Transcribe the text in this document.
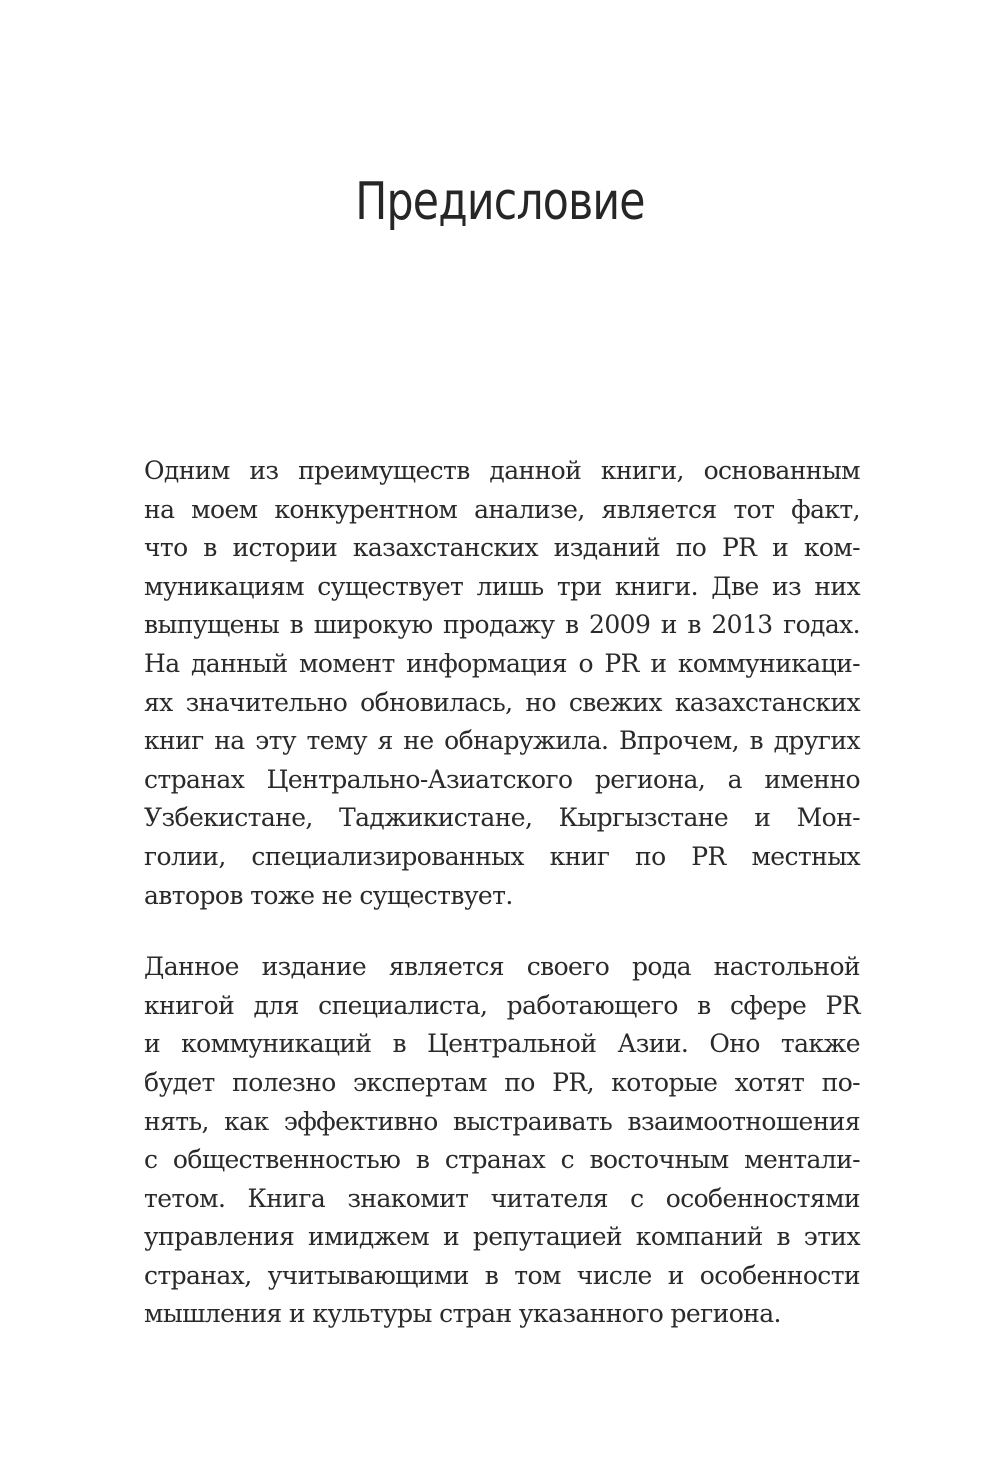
Предисловие

Одним из преимуществ данной книги, основанным
на моем конкурентном анализе, является тот факт,
что в истории казахстанских изданий по PR и ком-
муникациям существует лишь три книги. Две из них
выпущены в широкую продажу в 2009 и в 2013 годах.
На данный момент информация о PR и коммуникаци-
ях значительно обновилась, но свежих казахстанских
книг на эту тему я не обнаружила. Впрочем, в других
странах Центрально-Азиатского региона, а именно
Узбекистане, Таджикистане, Кыргызстане и Мон-
голии, специализированных книг по PR местных
авторов тоже не существует.

Данное издание является своего рода настольной
книгой для специалиста, работающего в сфере PR
и коммуникаций в Центральной Азии. Оно также
будет полезно экспертам по PR, которые хотят по-
нять, как эффективно выстраивать взаимоотношения
с общественностью в странах с восточным ментали-
тетом. Книга знакомит читателя с особенностями
управления имиджем и репутацией компаний в этих
странах, учитывающими в том числе и особенности
мышления и культуры стран указанного региона.
